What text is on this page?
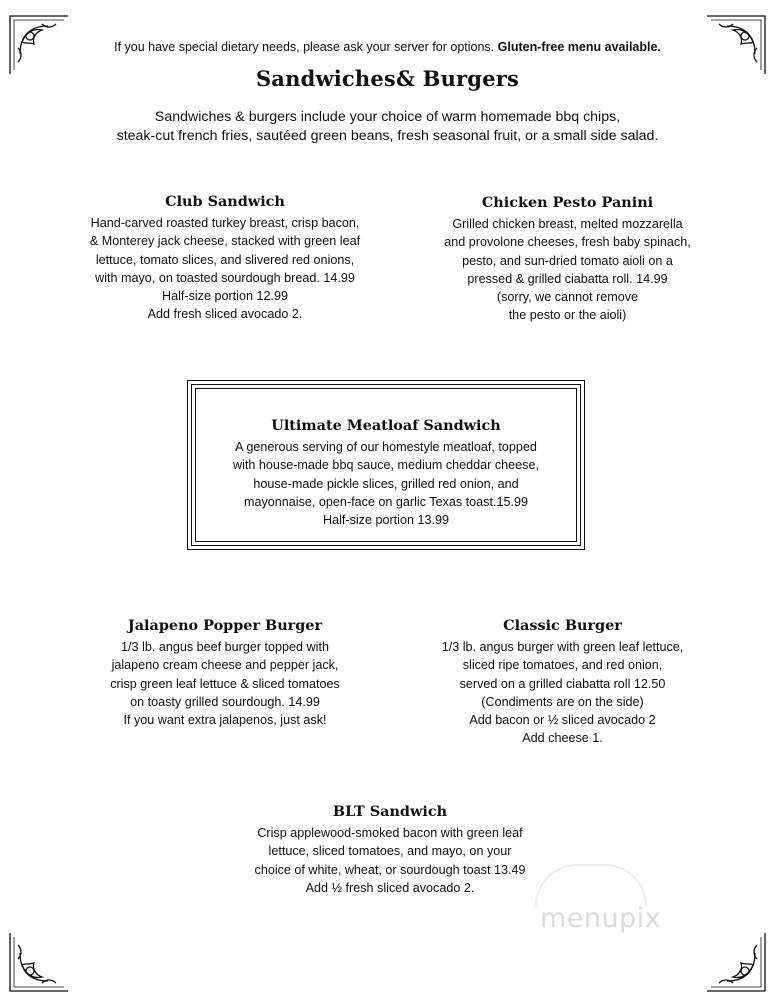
If you have special dietary needs, please ask your server for options. Gluten-free menu available.
Sandwiches& Burgers
Sandwiches & burgers include your choice of warm homemade bbq chips,
steak-cut french fries, sautéed green beans, fresh seasonal fruit, or a small side salad.
Club Sandwich
Hand-carved roasted turkey breast, crisp bacon,
& Monterey jack cheese, stacked with green leaf
lettuce, tomato slices, and slivered red onions,
with mayo, on toasted sourdough bread. 14.99
Half-size portion 12.99
Add fresh sliced avocado 2.
Chicken Pesto Panini
Grilled chicken breast, melted mozzarella
and provolone cheeses, fresh baby spinach,
pesto, and sun-dried tomato aioli on a
pressed & grilled ciabatta roll. 14.99
(sorry, we cannot remove
the pesto or the aioli)
Ultimate Meatloaf Sandwich
A generous serving of our homestyle meatloaf, topped
with house-made bbq sauce, medium cheddar cheese,
house-made pickle slices, grilled red onion, and
mayonnaise, open-face on garlic Texas toast.15.99
Half-size portion 13.99
Jalapeno Popper Burger
1/3 lb. angus beef burger topped with
jalapeno cream cheese and pepper jack,
crisp green leaf lettuce & sliced tomatoes
on toasty grilled sourdough. 14.99
If you want extra jalapenos, just ask!
Classic Burger
1/3 lb. angus burger with green leaf lettuce,
sliced ripe tomatoes, and red onion,
served on a grilled ciabatta roll 12.50
(Condiments are on the side)
Add bacon or ½ sliced avocado 2
Add cheese 1.
BLT Sandwich
Crisp applewood-smoked bacon with green leaf
lettuce, sliced tomatoes, and mayo, on your
choice of white, wheat, or sourdough toast 13.49
Add ½ fresh sliced avocado 2.
menupix
